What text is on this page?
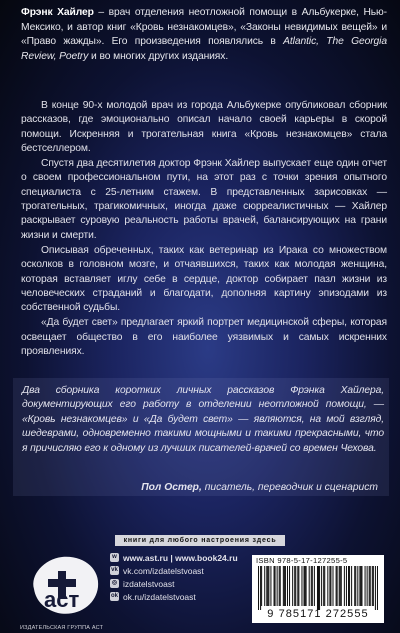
Фрэнк Хайлер – врач отделения неотложной помощи в Альбукерке, Нью-Мексико, и автор книг «Кровь незнакомцев», «Законы невидимых вещей» и «Право жажды». Его произведения появлялись в Atlantic, The Georgia Review, Poetry и во многих других изданиях.

В конце 90-х молодой врач из города Альбукерке опубликовал сборник рассказов, где эмоционально описал начало своей карьеры в скорой помощи. Искренняя и трогательная книга «Кровь незнакомцев» стала бестселлером.

Спустя два десятилетия доктор Фрэнк Хайлер выпускает еще один отчет о своем профессиональном пути, на этот раз с точки зрения опытного специалиста с 25-летним стажем. В представленных зарисовках — трогательных, трагикомичных, иногда даже сюрреалистичных — Хайлер раскрывает суровую реальность работы врачей, балансирующих на грани жизни и смерти.

Описывая обреченных, таких как ветеринар из Ирака со множеством осколков в головном мозге, и отчаявшихся, таких как молодая женщина, которая вставляет иглу себе в сердце, доктор собирает пазл жизни из человеческих страданий и благодати, дополняя картину эпизодами из собственной судьбы.

«Да будет свет» предлагает яркий портрет медицинской сферы, которая освещает общество в его наиболее уязвимых и самых искренних проявлениях.

Два сборника коротких личных рассказов Фрэнка Хайлера, документирующих его работу в отделении неотложной помощи, — «Кровь незнакомцев» и «Да будет свет» — являются, на мой взгляд, шедеврами, одновременно такими мощными и такими прекрасными, что я причисляю его к одному из лучших писателей-врачей со времен Чехова.
Пол Остер, писатель, переводчик и сценарист
книги для любого настроения здесь
аст
ИЗДАТЕЛЬСКАЯ ГРУППА АСТ
w www.ast.ru | www.book24.ru
vk vk.com/izdatelstvoast
◎ izdatelstvoast
ok ok.ru/izdatelstvoast
ISBN 978-5-17-127255-5
9 785171 272555
